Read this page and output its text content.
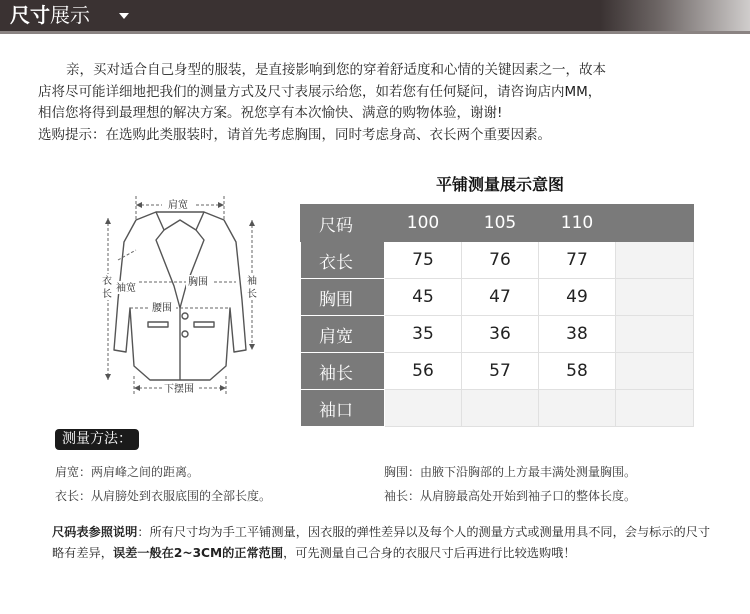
尺寸展示

亲，买对适合自己身型的服装，是直接影响到您的穿着舒适度和心情的关键因素之一，故本

店将尽可能详细地把我们的测量方式及尺寸表展示给您，如若您有任何疑问，请咨询店内MM，

相信您将得到最理想的解决方案。祝您享有本次愉快、满意的购物体验，谢谢!

选购提示：在选购此类服装时，请首先考虑胸围，同时考虑身高、衣长两个重要因素。

肩宽
衣
长
袖
长
袖宽
胸围
腰围
下摆围
平铺测量展示意图
尺码	100	105	110	
衣长	75	76	77	
胸围	45	47	49	
肩宽	35	36	38	
袖长	56	57	58	
袖口				
测量方法：
肩宽：两肩峰之间的距离。	胸围：由腋下沿胸部的上方最丰满处测量胸围。
衣长：从肩膀处到衣服底围的全部长度。	袖长：从肩膀最高处开始到袖子口的整体长度。
尺码表参照说明：所有尺寸均为手工平铺测量，因衣服的弹性差异以及每个人的测量方式或测量用具不同，会与标示的尺寸略有差异，误差一般在2~3CM的正常范围，可先测量自己合身的衣服尺寸后再进行比较选购哦！
